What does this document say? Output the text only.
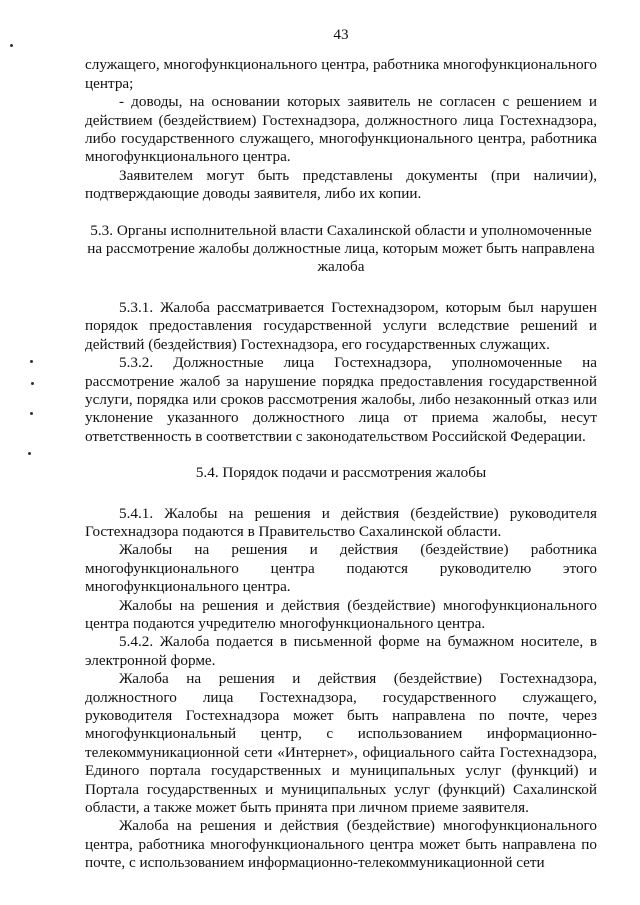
43

служащего, многофункционального центра, работника многофункционального центра;

- доводы, на основании которых заявитель не согласен с решением и действием (бездействием) Гостехнадзора, должностного лица Гостехнадзора, либо государственного служащего, многофункционального центра, работника многофункционального центра.

Заявителем могут быть представлены документы (при наличии), подтверждающие доводы заявителя, либо их копии.

5.3. Органы исполнительной власти Сахалинской области и уполномоченные на рассмотрение жалобы должностные лица, которым может быть направлена жалоба

5.3.1. Жалоба рассматривается Гостехнадзором, которым был нарушен порядок предоставления государственной услуги вследствие решений и действий (бездействия) Гостехнадзора, его государственных служащих.

5.3.2. Должностные лица Гостехнадзора, уполномоченные на рассмотрение жалоб за нарушение порядка предоставления государственной услуги, порядка или сроков рассмотрения жалобы, либо незаконный отказ или уклонение указанного должностного лица от приема жалобы, несут ответственность в соответствии с законодательством Российской Федерации.

5.4. Порядок подачи и рассмотрения жалобы

5.4.1. Жалобы на решения и действия (бездействие) руководителя Гостехнадзора подаются в Правительство Сахалинской области.

Жалобы на решения и действия (бездействие) работника многофункционального центра подаются руководителю этого многофункционального центра.

Жалобы на решения и действия (бездействие) многофункционального центра подаются учредителю многофункционального центра.

5.4.2. Жалоба подается в письменной форме на бумажном носителе, в электронной форме.

Жалоба на решения и действия (бездействие) Гостехнадзора, должностного лица Гостехнадзора, государственного служащего, руководителя Гостехнадзора может быть направлена по почте, через многофункциональный центр, с использованием информационно-телекоммуникационной сети «Интернет», официального сайта Гостехнадзора, Единого портала государственных и муниципальных услуг (функций) и Портала государственных и муниципальных услуг (функций) Сахалинской области, а также может быть принята при личном приеме заявителя.

Жалоба на решения и действия (бездействие) многофункционального центра, работника многофункционального центра может быть направлена по почте, с использованием информационно-телекоммуникационной сети
